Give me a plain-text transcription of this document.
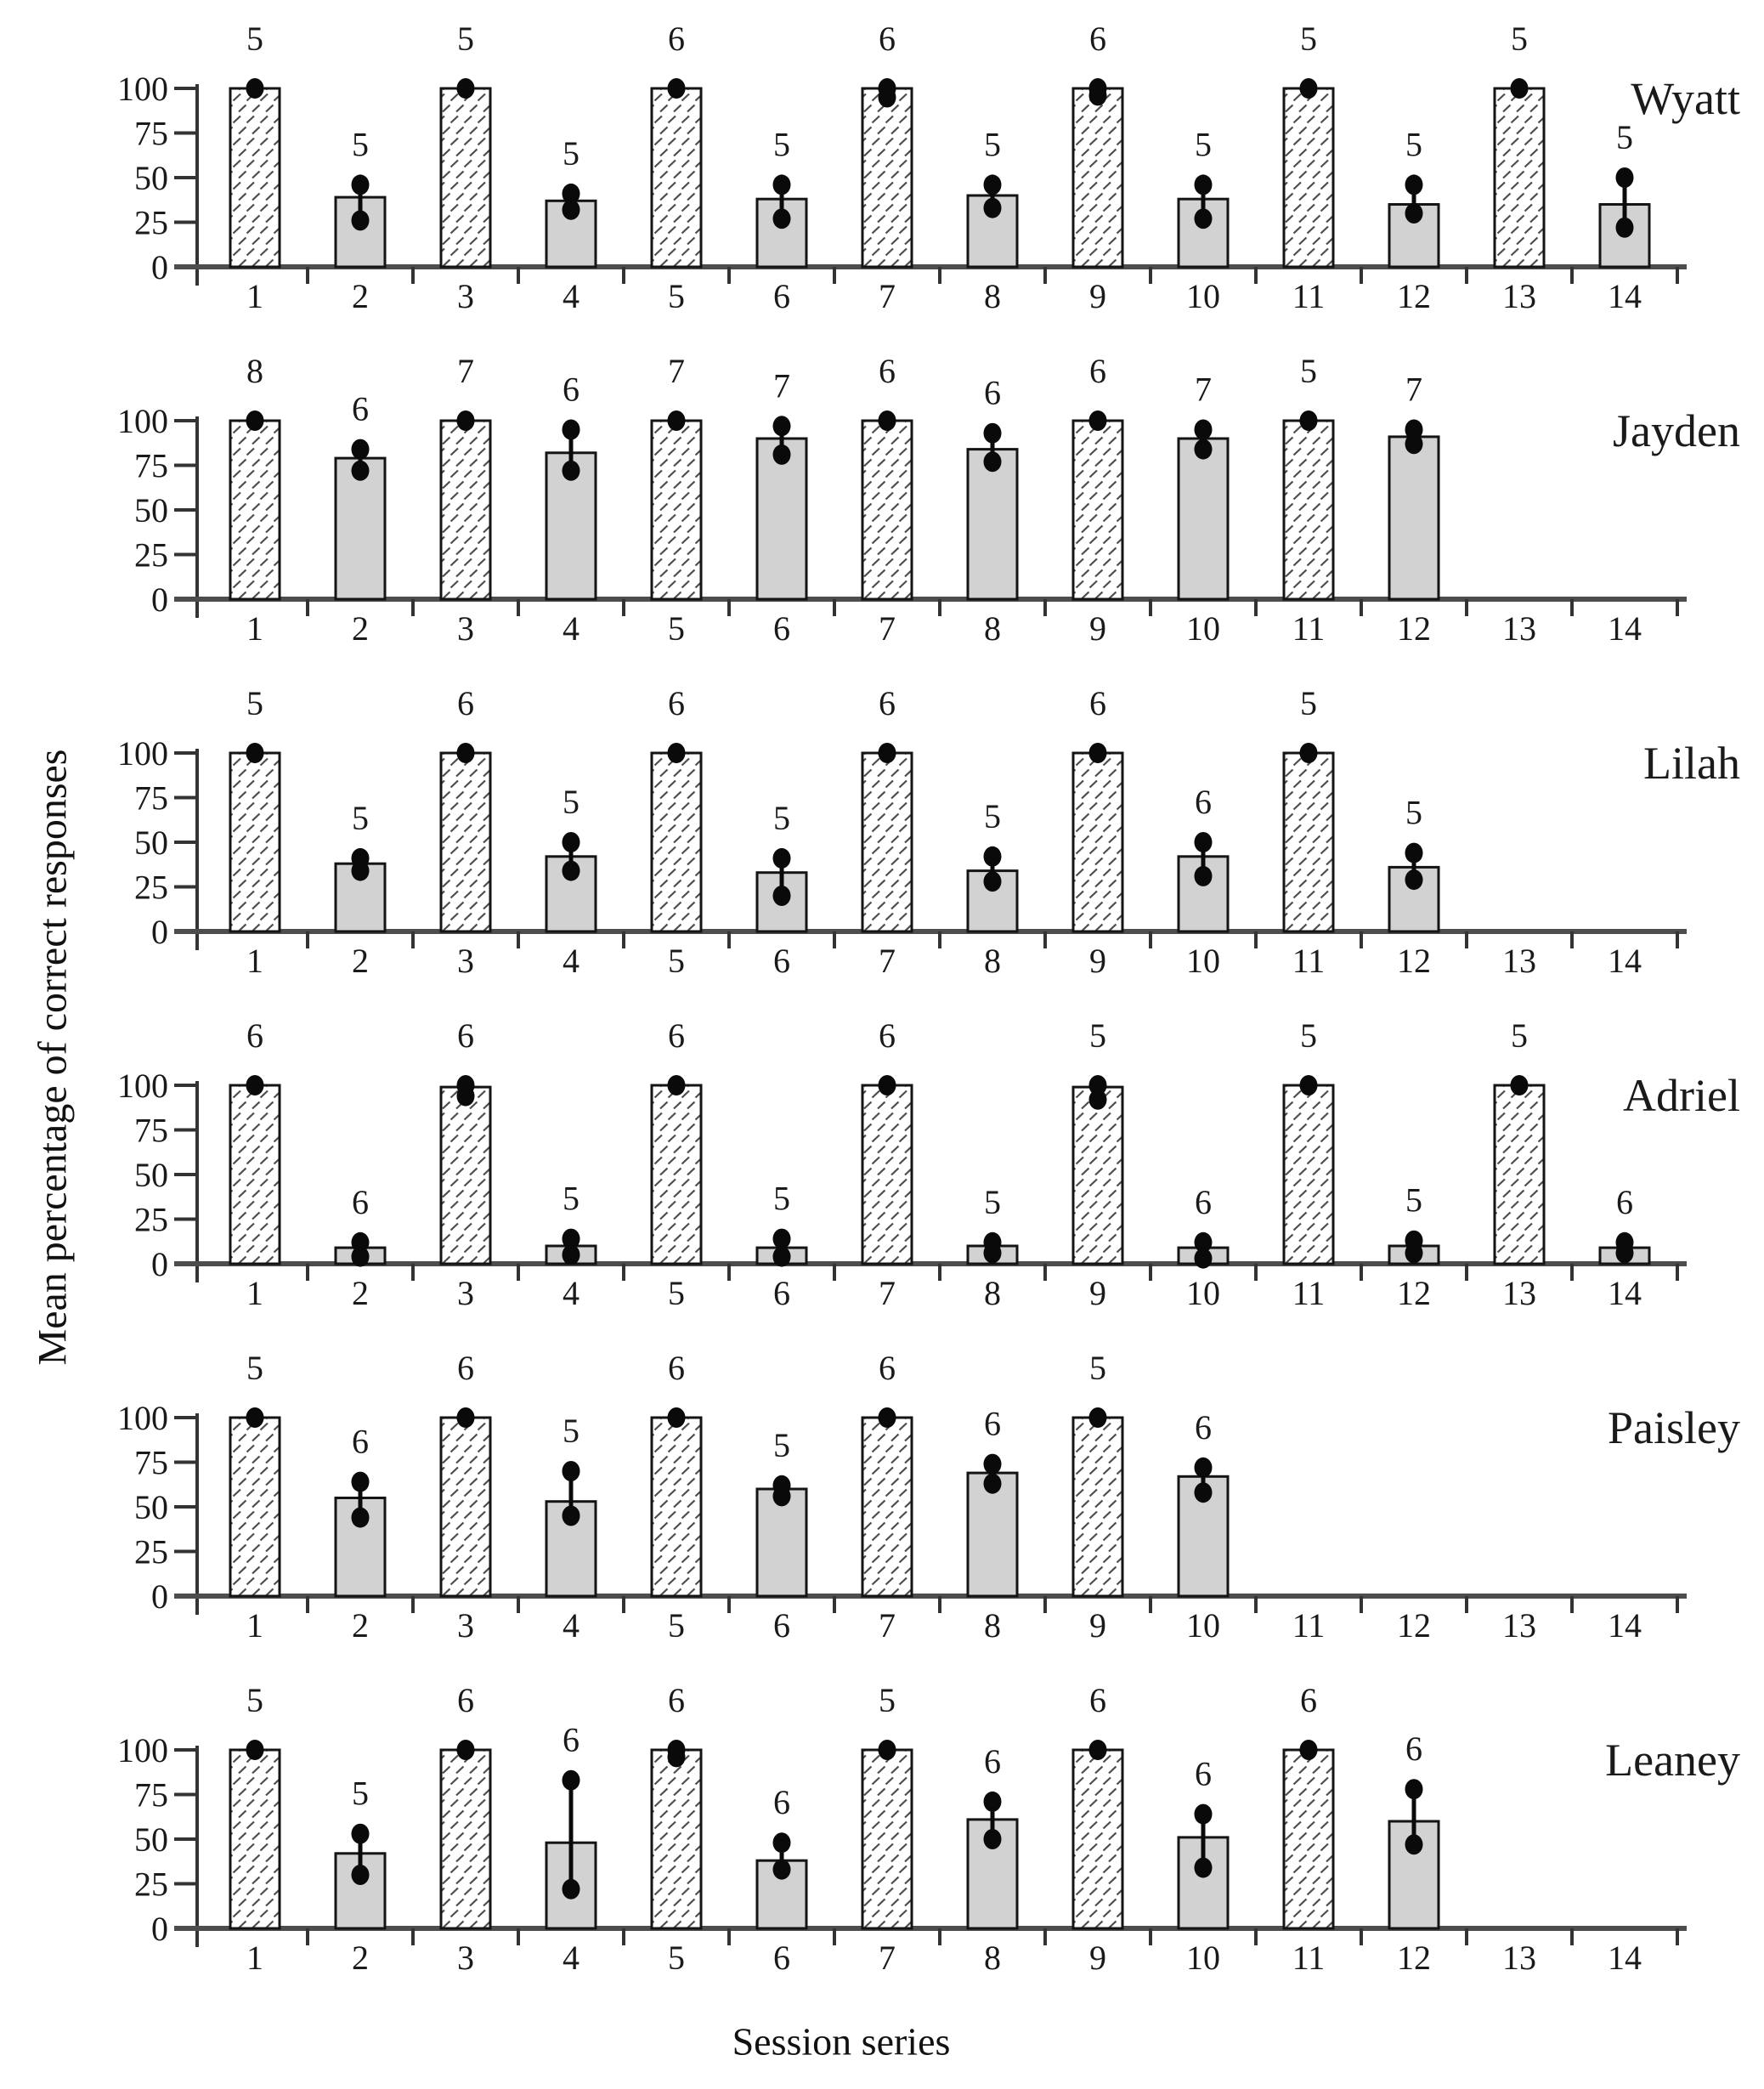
Mean percentage of correct responses
0
25
50
75
100
1	2	3	4	5	6	7	8	9 10 11 12 13 14
5
5
5
5
6
5
6
5
6
5
5
5
5
5
Wyatt
0
25
50
75
100
1	2	3	4	5	6	7	8	9 10 11 12 13 14
8
6
7	6	7	7	6
6
6	7	5	7
Jayden
0
25
50
75
100
1	2	3	4	5	6	7	8	9 10 11 12 13 14
5
5
6
5
6
5
6
5
6
6
5
5
Lilah
0
25
50
75
100
1	2	3	4	5	6	7	8	9 10 11 12 13 14
6
6
6
5
6
5
6
5
5
6
5
5
5
6
Adriel
0
25
50
75
100
1	2	3	4	5	6	7	8	9 10 11 12 13 14
5
6
6
5
6
5
6
6
5
6	Paisley
0
25
50
75
100
1	2	3	4	5	6	7	8	9 10 11 12 13 14
5
5
6
6
6
6
5
6
6
6
6
6	Leaney
Session series
